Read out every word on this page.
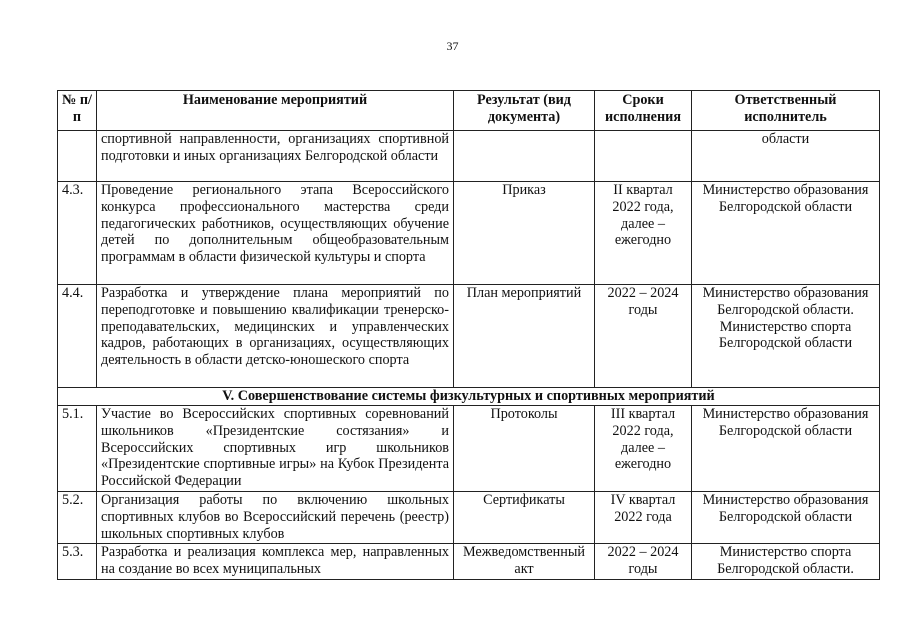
37
№ п/п	Наименование мероприятий	Результат (вид документа)	Сроки исполнения	Ответственный исполнитель
	спортивной направленности, организациях спортивной подготовки и иных организациях Белгородской области			области
4.3.	Проведение регионального этапа Всероссийского конкурса профессионального мастерства среди педагогических работников, осуществляющих обучение детей по дополнительным общеобразовательным программам в области физической культуры и спорта	Приказ	II квартал 2022 года, далее – ежегодно	Министерство образования Белгородской области
4.4.	Разработка и утверждение плана мероприятий по переподготовке и повышению квалификации тренерско-преподавательских, медицинских и управленческих кадров, работающих в организациях, осуществляющих деятельность в области детско-юношеского спорта	План мероприятий	2022 – 2024 годы	Министерство образования Белгородской области. Министерство спорта Белгородской области
V. Совершенствование системы физкультурных и спортивных мероприятий				
5.1.	Участие во Всероссийских спортивных соревнований школьников «Президентские состязания» и Всероссийских спортивных игр школьников «Президентские спортивные игры» на Кубок Президента Российской Федерации	Протоколы	III квартал 2022 года, далее – ежегодно	Министерство образования Белгородской области
5.2.	Организация работы по включению школьных спортивных клубов во Всероссийский перечень (реестр) школьных спортивных клубов	Сертификаты	IV квартал 2022 года	Министерство образования Белгородской области
5.3.	Разработка и реализация комплекса мер, направленных на создание во всех муниципальных	Межведомственный акт	2022 – 2024 годы	Министерство спорта Белгородской области.
